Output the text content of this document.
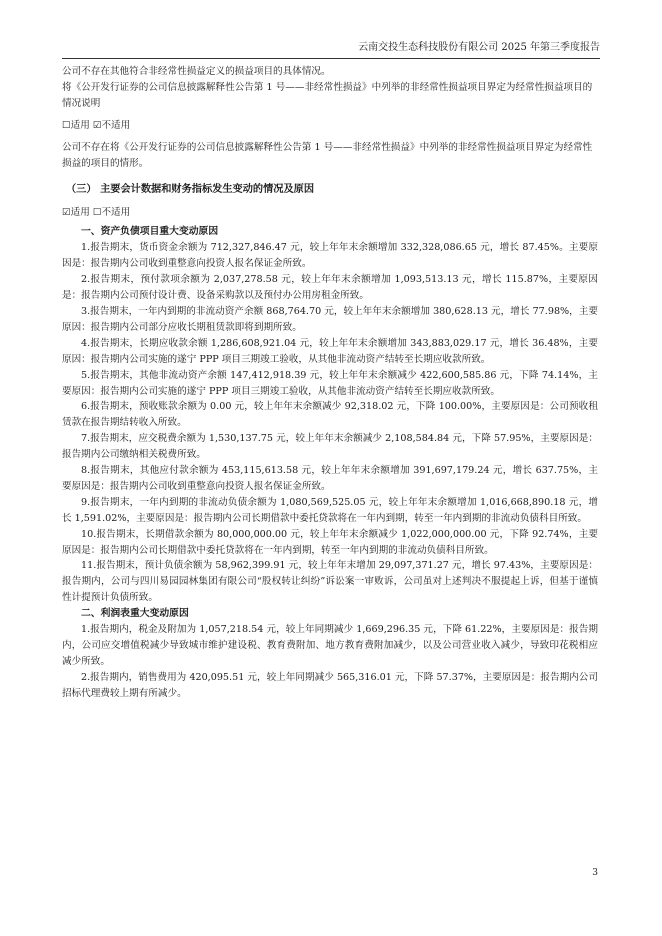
云南交投生态科技股份有限公司 2025 年第三季度报告

公司不存在其他符合非经常性损益定义的损益项目的具体情况。

将《公开发行证券的公司信息披露解释性公告第 1 号——非经常性损益》中列举的非经常性损益项目界定为经常性损益项目的情况说明

☐适用 ☑不适用

公司不存在将《公开发行证券的公司信息披露解释性公告第 1 号——非经常性损益》中列举的非经常性损益项目界定为经常性损益的项目的情形。

（三） 主要会计数据和财务指标发生变动的情况及原因

☑适用 ☐不适用

一、资产负债项目重大变动原因

1.报告期末，货币资金余额为 712,327,846.47 元，较上年年末余额增加 332,328,086.65 元，增长 87.45%。主要原因是：报告期内公司收到重整意向投资人报名保证金所致。

2.报告期末，预付款项余额为 2,037,278.58 元，较上年年末余额增加 1,093,513.13 元，增长 115.87%，主要原因是：报告期内公司预付设计费、设备采购款以及预付办公用房租金所致。

3.报告期末，一年内到期的非流动资产余额 868,764.70 元，较上年年末余额增加 380,628.13 元，增长 77.98%，主要原因：报告期内公司部分应收长期租赁款即将到期所致。

4.报告期末，长期应收款余额 1,286,608,921.04 元，较上年年末余额增加 343,883,029.17 元，增长 36.48%，主要原因：报告期内公司实施的遂宁 PPP 项目三期竣工验收，从其他非流动资产结转至长期应收款所致。

5.报告期末，其他非流动资产余额 147,412,918.39 元，较上年年末余额减少 422,600,585.86 元，下降 74.14%，主要原因：报告期内公司实施的遂宁 PPP 项目三期竣工验收，从其他非流动资产结转至长期应收款所致。

6.报告期末，预收账款余额为 0.00 元，较上年年末余额减少 92,318.02 元，下降 100.00%，主要原因是：公司预收租赁款在报告期结转收入所致。

7.报告期末，应交税费余额为 1,530,137.75 元，较上年年末余额减少 2,108,584.84 元，下降 57.95%，主要原因是：报告期内公司缴纳相关税费所致。

8.报告期末，其他应付款余额为 453,115,613.58 元，较上年年末余额增加 391,697,179.24 元，增长 637.75%，主要原因是：报告期内公司收到重整意向投资人报名保证金所致。

9.报告期末，一年内到期的非流动负债余额为 1,080,569,525.05 元，较上年年末余额增加 1,016,668,890.18 元，增长 1,591.02%，主要原因是：报告期内公司长期借款中委托贷款将在一年内到期，转至一年内到期的非流动负债科目所致。

10.报告期末，长期借款余额为 80,000,000.00 元，较上年年末余额减少 1,022,000,000.00 元，下降 92.74%，主要原因是：报告期内公司长期借款中委托贷款将在一年内到期，转至一年内到期的非流动负债科目所致。

11.报告期末，预计负债余额为 58,962,399.91 元，较上年年末增加 29,097,371.27 元，增长 97.43%，主要原因是：报告期内，公司与四川易园园林集团有限公司“股权转让纠纷”诉讼案一审败诉，公司虽对上述判决不服提起上诉，但基于谨慎性计提预计负债所致。

二、利润表重大变动原因

1.报告期内，税金及附加为 1,057,218.54 元，较上年同期减少 1,669,296.35 元，下降 61.22%，主要原因是：报告期内，公司应交增值税减少导致城市维护建设税、教育费附加、地方教育费附加减少，以及公司营业收入减少，导致印花税相应减少所致。

2.报告期内，销售费用为 420,095.51 元，较上年同期减少 565,316.01 元，下降 57.37%，主要原因是：报告期内公司招标代理费较上期有所减少。

3
